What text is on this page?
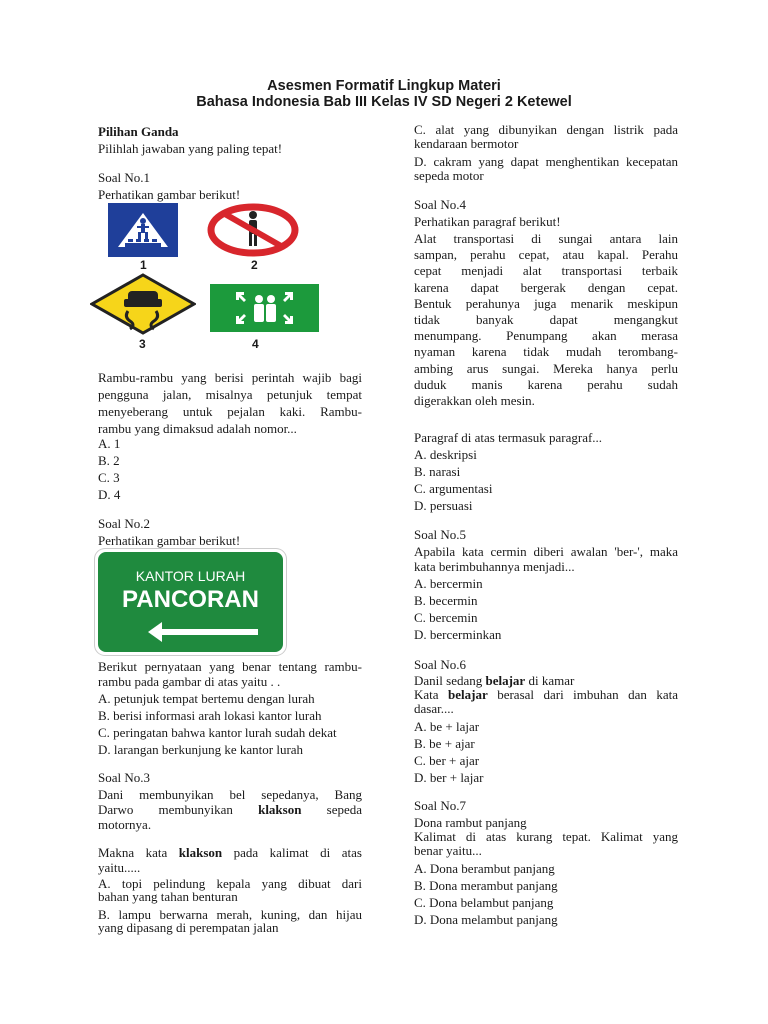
Asesmen Formatif Lingkup Materi
Bahasa Indonesia Bab III Kelas IV SD Negeri 2 Ketewel
Pilihan Ganda
Pilihlah jawaban yang paling tepat!
Soal No.1
Perhatikan gambar berikut!
1	2
3	4
Rambu-rambu yang berisi perintah wajib bagi
pengguna jalan, misalnya petunjuk tempat
menyeberang untuk pejalan kaki. Rambu-
rambu yang dimaksud adalah nomor...
A. 1
B. 2
C. 3
D. 4
Soal No.2
Perhatikan gambar berikut!
KANTOR LURAH
PANCORAN
Berikut pernyataan yang benar tentang rambu-
rambu pada gambar di atas yaitu . .
A. petunjuk tempat bertemu dengan lurah
B. berisi informasi arah lokasi kantor lurah
C. peringatan bahwa kantor lurah sudah dekat
D. larangan berkunjung ke kantor lurah
Soal No.3
Dani membunyikan bel sepedanya, Bang
Darwo membunyikan klakson sepeda
motornya.
Makna kata klakson pada kalimat di atas
yaitu.....
A. topi pelindung kepala yang dibuat dari
bahan yang tahan benturan
B. lampu berwarna merah, kuning, dan hijau
yang dipasang di perempatan jalan
C. alat yang dibunyikan dengan listrik pada
kendaraan bermotor
D. cakram yang dapat menghentikan kecepatan
sepeda motor
Soal No.4
Perhatikan paragraf berikut!
Alat transportasi di sungai antara lain
sampan, perahu cepat, atau kapal. Perahu
cepat menjadi alat transportasi terbaik
karena dapat bergerak dengan cepat.
Bentuk perahunya juga menarik meskipun
tidak banyak dapat mengangkut
menumpang. Penumpang akan merasa
nyaman karena tidak mudah terombang-
ambing arus sungai. Mereka hanya perlu
duduk manis karena perahu sudah
digerakkan oleh mesin.
Paragraf di atas termasuk paragraf...
A. deskripsi
B. narasi
C. argumentasi
D. persuasi
Soal No.5
Apabila kata cermin diberi awalan 'ber-', maka
kata berimbuhannya menjadi...
A. bercermin
B. becermin
C. bercemin
D. bercerminkan
Soal No.6
Danil sedang belajar di kamar
Kata belajar berasal dari imbuhan dan kata
dasar....
A. be + lajar
B. be + ajar
C. ber + ajar
D. ber + lajar
Soal No.7
Dona rambut panjang
Kalimat di atas kurang tepat. Kalimat yang
benar yaitu...
A. Dona berambut panjang
B. Dona merambut panjang
C. Dona belambut panjang
D. Dona melambut panjang
